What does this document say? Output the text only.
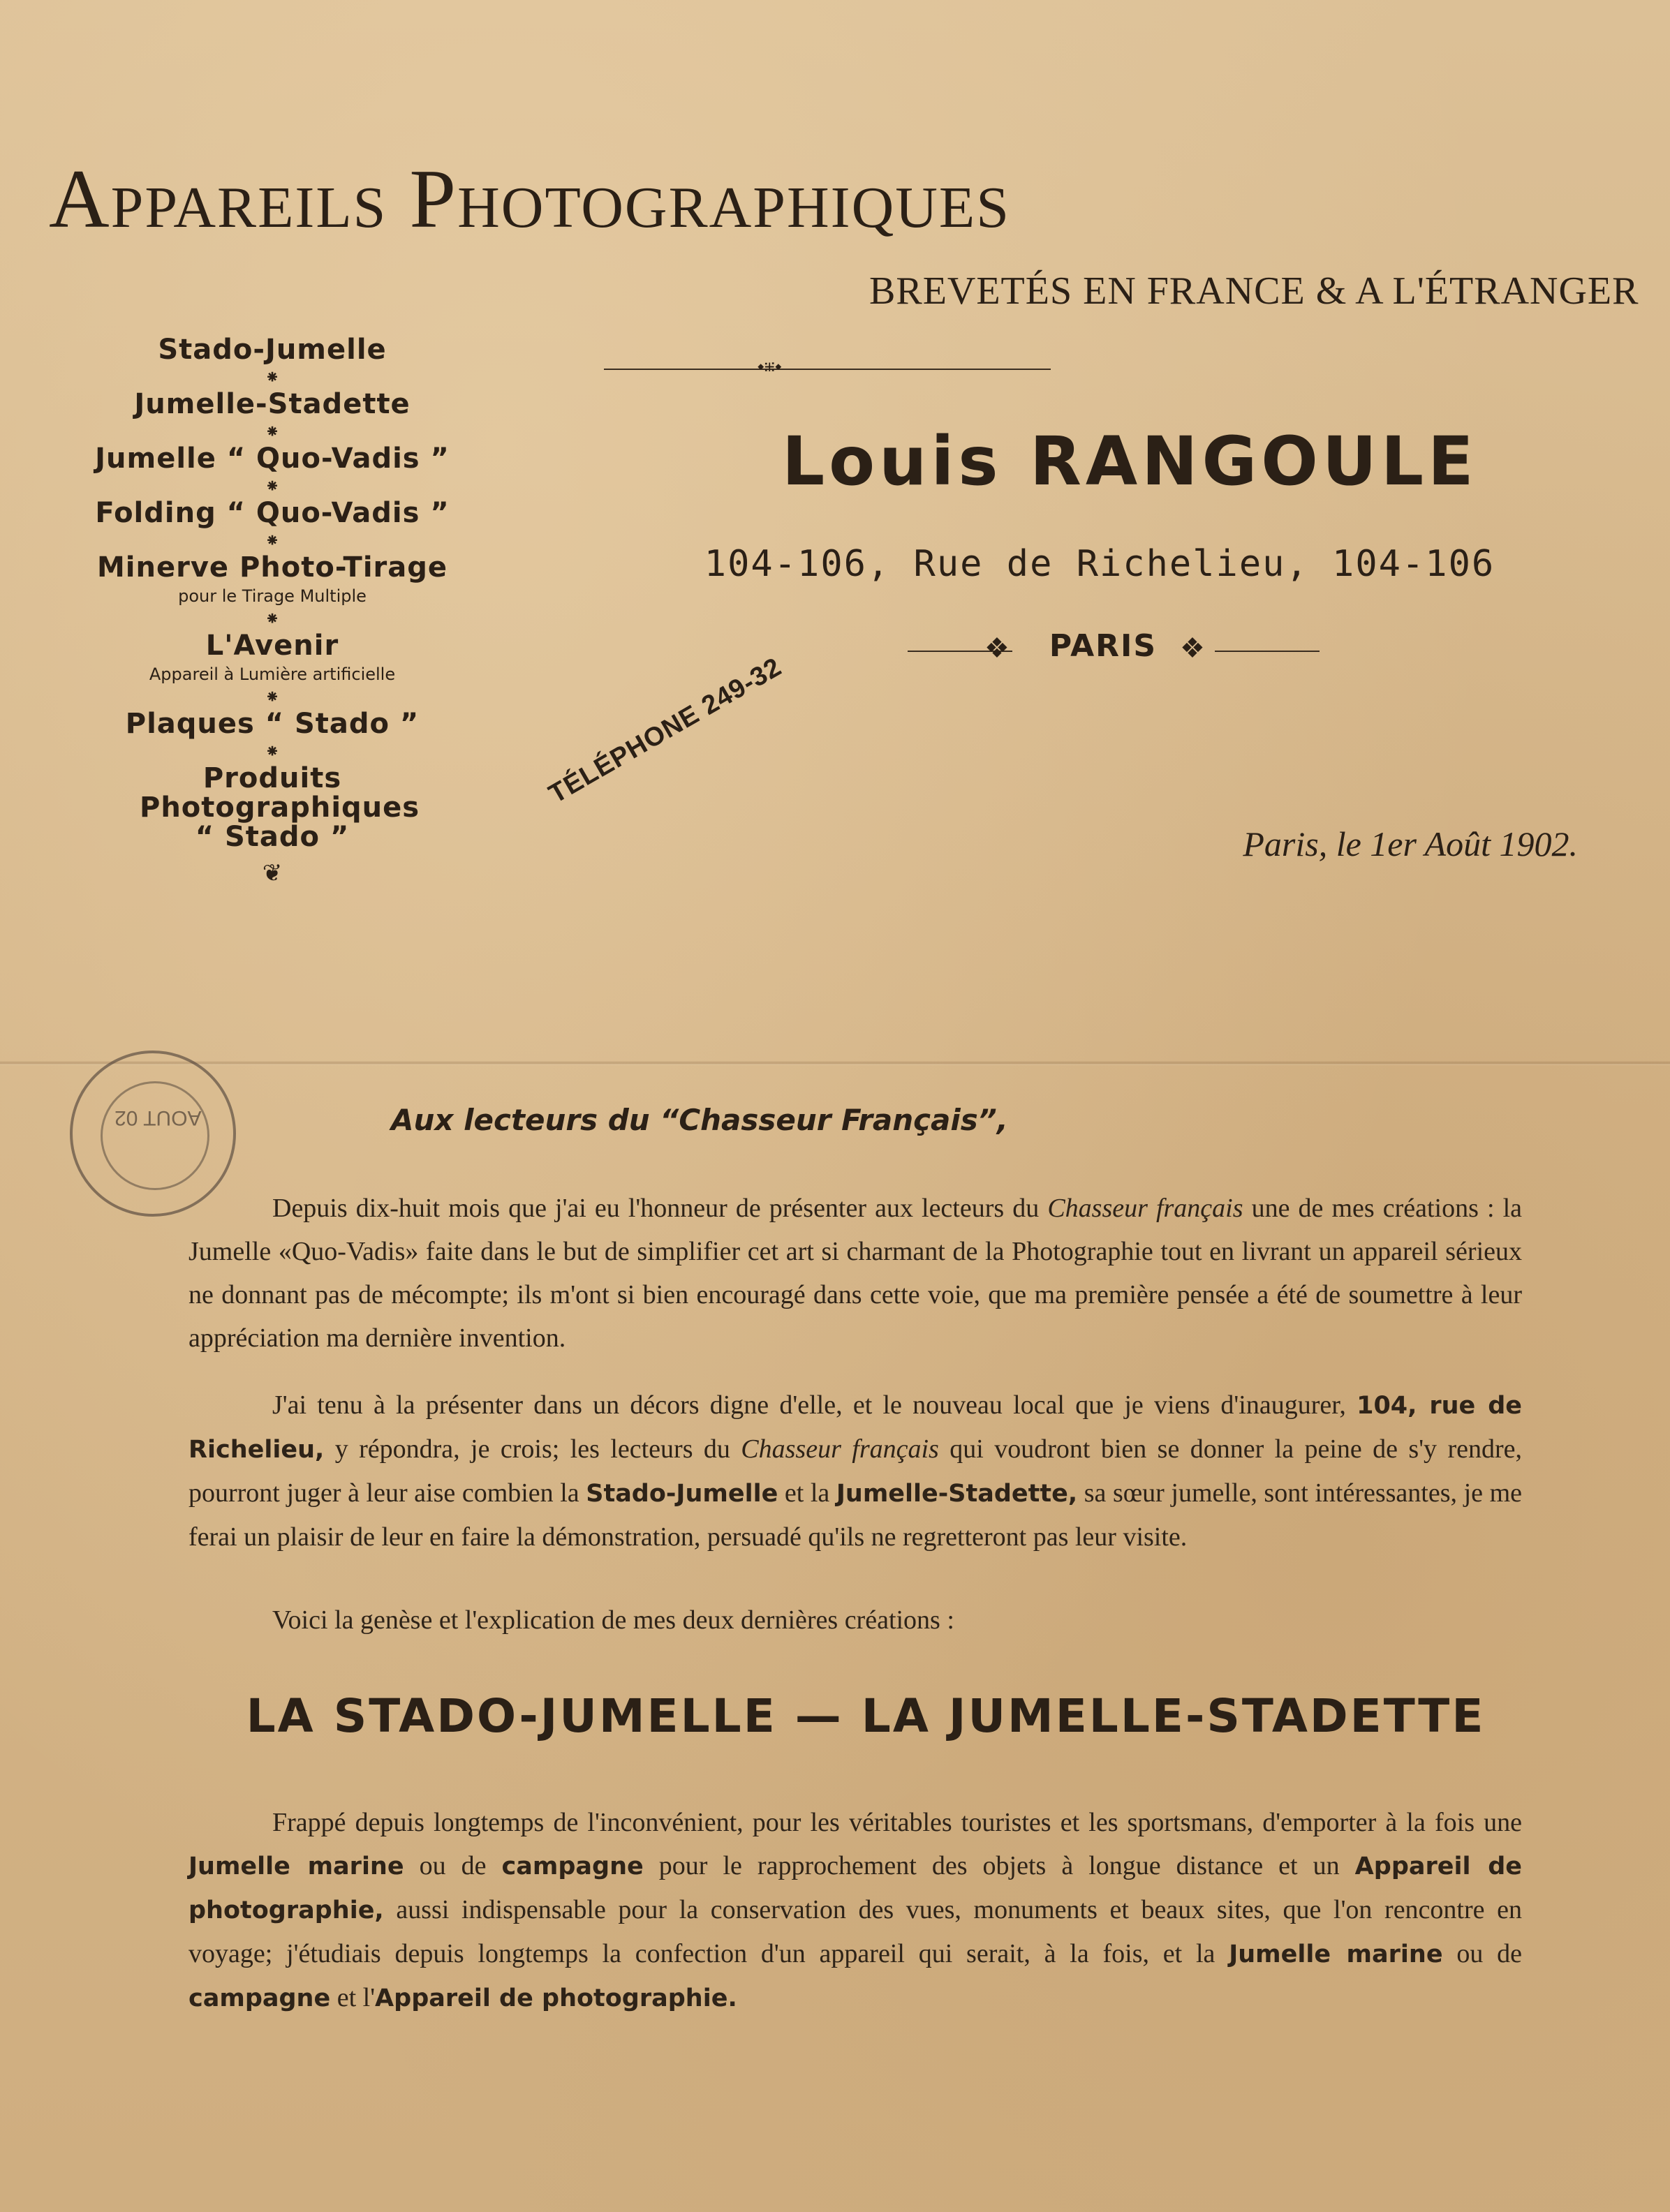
Appareils Photographiques
BREVETÉS EN FRANCE & A L'ÉTRANGER
⬩⁜⬩
Stado-Jumelle
⁕
Jumelle-Stadette
⁕
Jumelle “ Quo-Vadis ”
⁕
Folding “ Quo-Vadis ”
⁕
Minerve Photo-Tirage
pour le Tirage Multiple
⁕
L'Avenir
Appareil à Lumière artificielle
⁕
Plaques “ Stado ”
⁕
Produits Photographiques “ Stado ”
❦
Louis RANGOULE
104-106, Rue de Richelieu, 104-106
❖	PARIS ❖
TÉLÉPHONE 249-32
Paris, le 1er Août 1902.
AOUT 02	Aux lecteurs du “Chasseur Français”,

Depuis dix-huit mois que j'ai eu l'honneur de présenter aux lecteurs du Chasseur français une de mes créations : la Jumelle «Quo-Vadis» faite dans le but de simplifier cet art si charmant de la Photographie tout en livrant un appareil sérieux ne donnant pas de mécompte; ils m'ont si bien encouragé dans cette voie, que ma première pensée a été de soumettre à leur appréciation ma dernière invention.

J'ai tenu à la présenter dans un décors digne d'elle, et le nouveau local que je viens d'inaugurer, 104, rue de Richelieu, y répondra, je crois; les lecteurs du Chasseur français qui voudront bien se donner la peine de s'y rendre, pourront juger à leur aise combien la Stado-Jumelle et la Jumelle-Stadette, sa sœur jumelle, sont intéressantes, je me ferai un plaisir de leur en faire la démonstration, persuadé qu'ils ne regretteront pas leur visite.

Voici la genèse et l'explication de mes deux dernières créations :

LA STADO-JUMELLE — LA JUMELLE-STADETTE

Frappé depuis longtemps de l'inconvénient, pour les véritables touristes et les sportsmans, d'emporter à la fois une Jumelle marine ou de campagne pour le rapprochement des objets à longue distance et un Appareil de photographie, aussi indispensable pour la conservation des vues, monuments et beaux sites, que l'on rencontre en voyage; j'étudiais depuis longtemps la confection d'un appareil qui serait, à la fois, et la Jumelle marine ou de campagne et l'Appareil de photographie.
